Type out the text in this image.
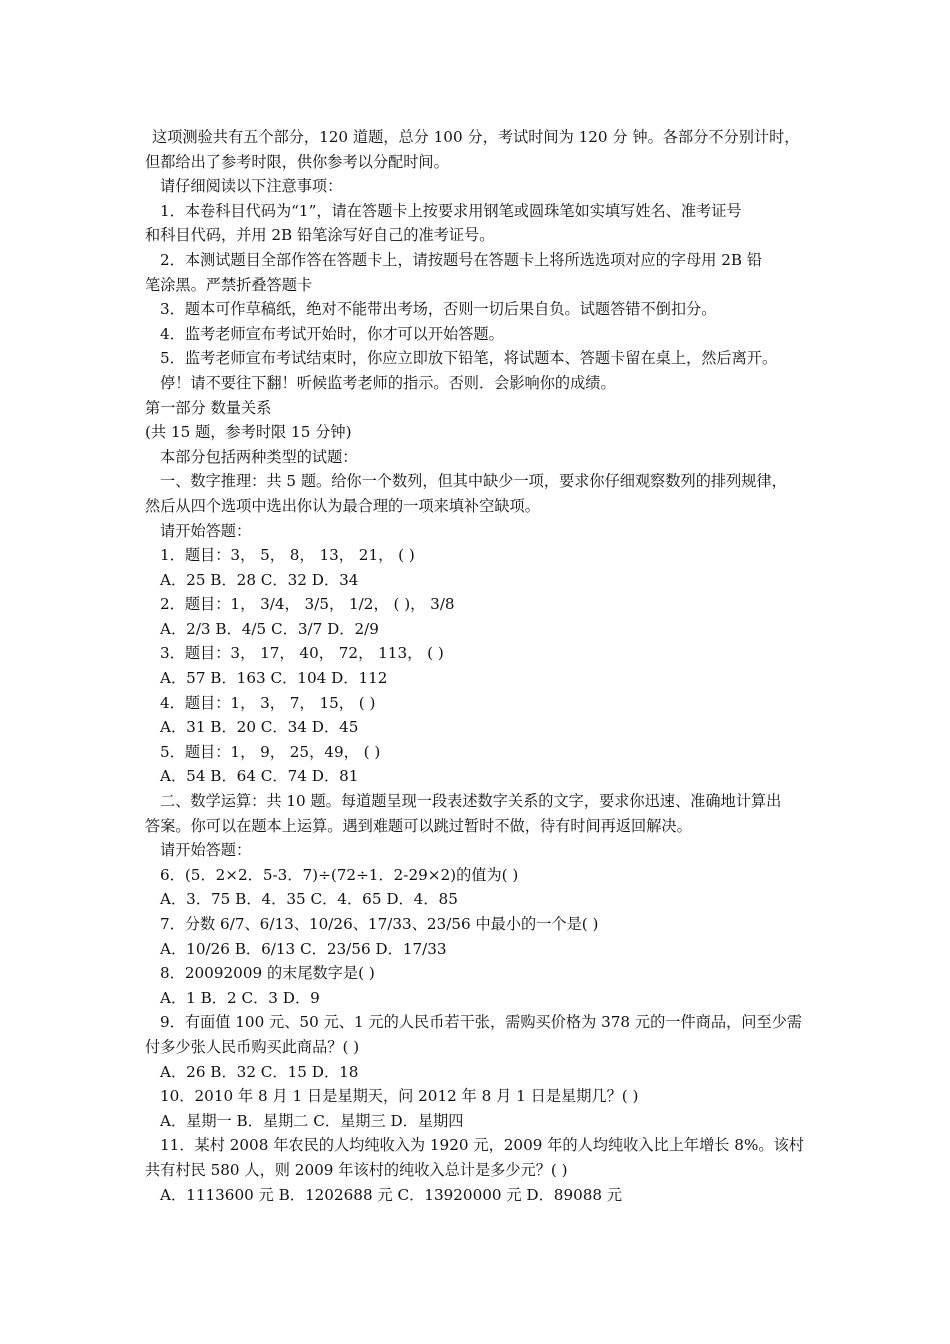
这项测验共有五个部分，120 道题，总分 100 分，考试时间为 120 分 钟。各部分不分别计时，
但都给出了参考时限，供你参考以分配时间。
请仔细阅读以下注意事项：
1．本卷科目代码为“1”，请在答题卡上按要求用钢笔或圆珠笔如实填写姓名、准考证号
和科目代码，并用 2B 铅笔涂写好自己的准考证号。
2．本测试题目全部作答在答题卡上，请按题号在答题卡上将所选选项对应的字母用 2B 铅
笔涂黑。严禁折叠答题卡
3．题本可作草稿纸，绝对不能带出考场，否则一切后果自负。试题答错不倒扣分。
4．监考老师宣布考试开始时，你才可以开始答题。
5．监考老师宣布考试结束时，你应立即放下铅笔，将试题本、答题卡留在桌上，然后离开。
停！请不要往下翻！听候监考老师的指示。否则．会影响你的成绩。
第一部分 数量关系
(共 15 题，参考时限 15 分钟)
本部分包括两种类型的试题：
一、数字推理：共 5 题。给你一个数列，但其中缺少一项，要求你仔细观察数列的排列规律，
然后从四个选项中选出你认为最合理的一项来填补空缺项。
请开始答题：
1．题目：3， 5， 8， 13， 21， ( )
A．25 B．28 C．32 D．34
2．题目：1， 3/4， 3/5， 1/2， ( )， 3/8
A．2/3 B．4/5 C．3/7 D．2/9
3．题目：3， 17， 40， 72， 113， ( )
A．57 B．163 C．104 D．112
4．题目：1， 3， 7， 15， ( )
A．31 B．20 C．34 D．45
5．题目：1， 9， 25，49， ( )
A．54 B．64 C．74 D．81
二、数学运算：共 10 题。每道题呈现一段表述数字关系的文字，要求你迅速、准确地计算出
答案。你可以在题本上运算。遇到难题可以跳过暂时不做，待有时间再返回解决。
请开始答题：
6．(5．2×2．5-3．7)÷(72÷1．2-29×2)的值为( )
A．3．75 B．4．35 C．4．65 D．4．85
7．分数 6/7、6/13、10/26、17/33、23/56 中最小的一个是( )
A．10/26 B．6/13 C．23/56 D．17/33
8．20092009 的末尾数字是( )
A．1 B．2 C．3 D．9
9．有面值 100 元、50 元、1 元的人民币若干张，需购买价格为 378 元的一件商品，问至少需
付多少张人民币购买此商品？( )
A．26 B．32 C．15 D．18
10．2010 年 8 月 1 日是星期天，问 2012 年 8 月 1 日是星期几？( )
A．星期一 B．星期二 C．星期三 D．星期四
11．某村 2008 年农民的人均纯收入为 1920 元，2009 年的人均纯收入比上年增长 8%。该村
共有村民 580 人，则 2009 年该村的纯收入总计是多少元？( )
A．1113600 元 B．1202688 元 C．13920000 元 D．89088 元
